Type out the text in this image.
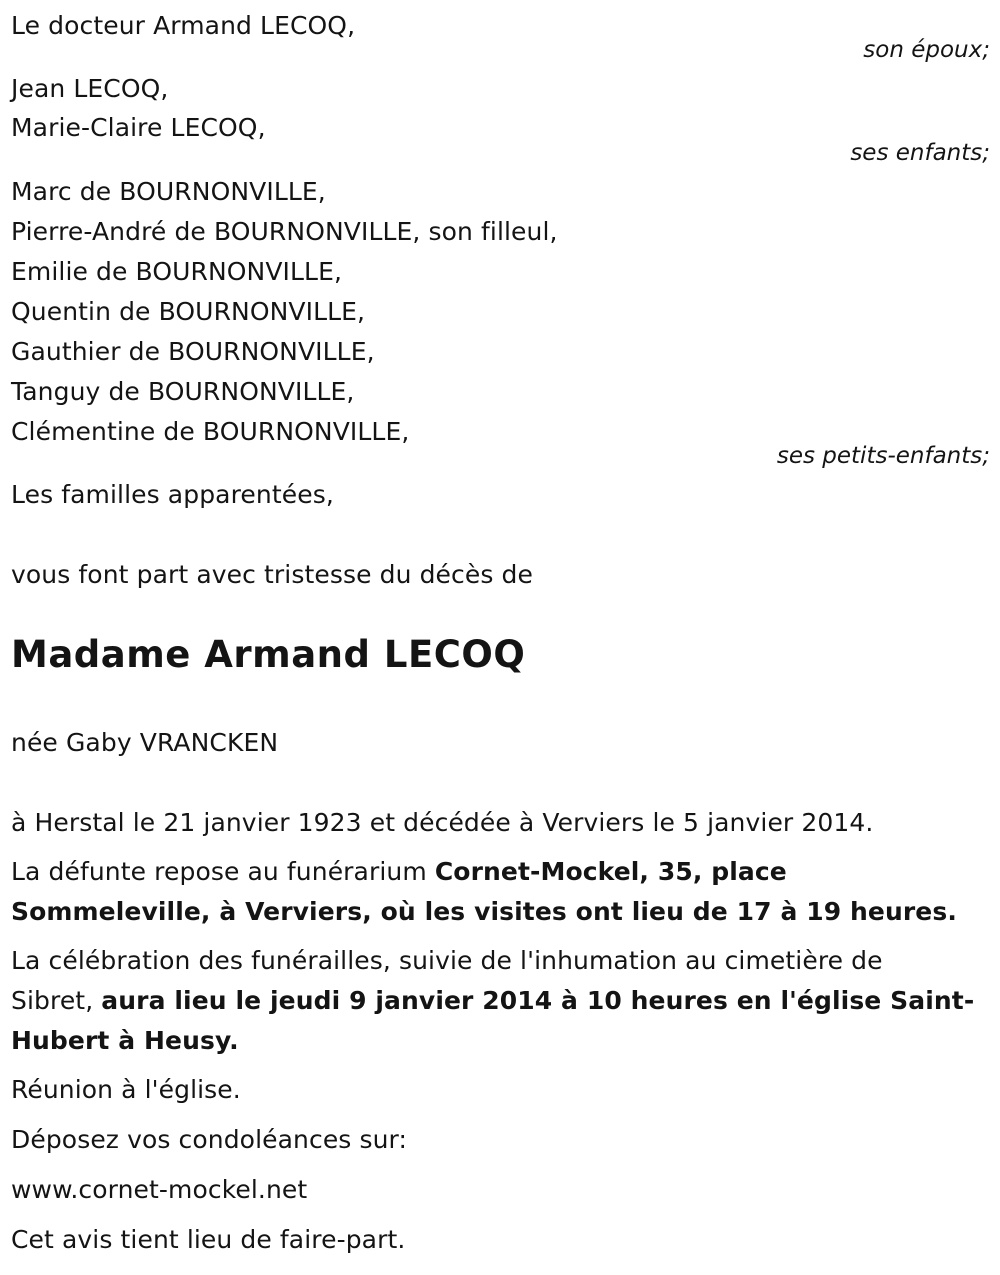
Le docteur Armand LECOQ,
son époux;
Jean LECOQ,
Marie-Claire LECOQ,
ses enfants;
Marc de BOURNONVILLE,
Pierre-André de BOURNONVILLE, son filleul,
Emilie de BOURNONVILLE,
Quentin de BOURNONVILLE,
Gauthier de BOURNONVILLE,
Tanguy de BOURNONVILLE,
Clémentine de BOURNONVILLE,
ses petits-enfants;
Les familles apparentées,
vous font part avec tristesse du décès de
Madame Armand LECOQ
née Gaby VRANCKEN
à Herstal le 21 janvier 1923 et décédée à Verviers le 5 janvier 2014.
La défunte repose au funérarium Cornet-Mockel, 35, place
Sommeleville, à Verviers, où les visites ont lieu de 17 à 19 heures.
La célébration des funérailles, suivie de l'inhumation au cimetière de
Sibret, aura lieu le jeudi 9 janvier 2014 à 10 heures en l'église Saint-
Hubert à Heusy.
Réunion à l'église.
Déposez vos condoléances sur:
www.cornet-mockel.net
Cet avis tient lieu de faire-part.
